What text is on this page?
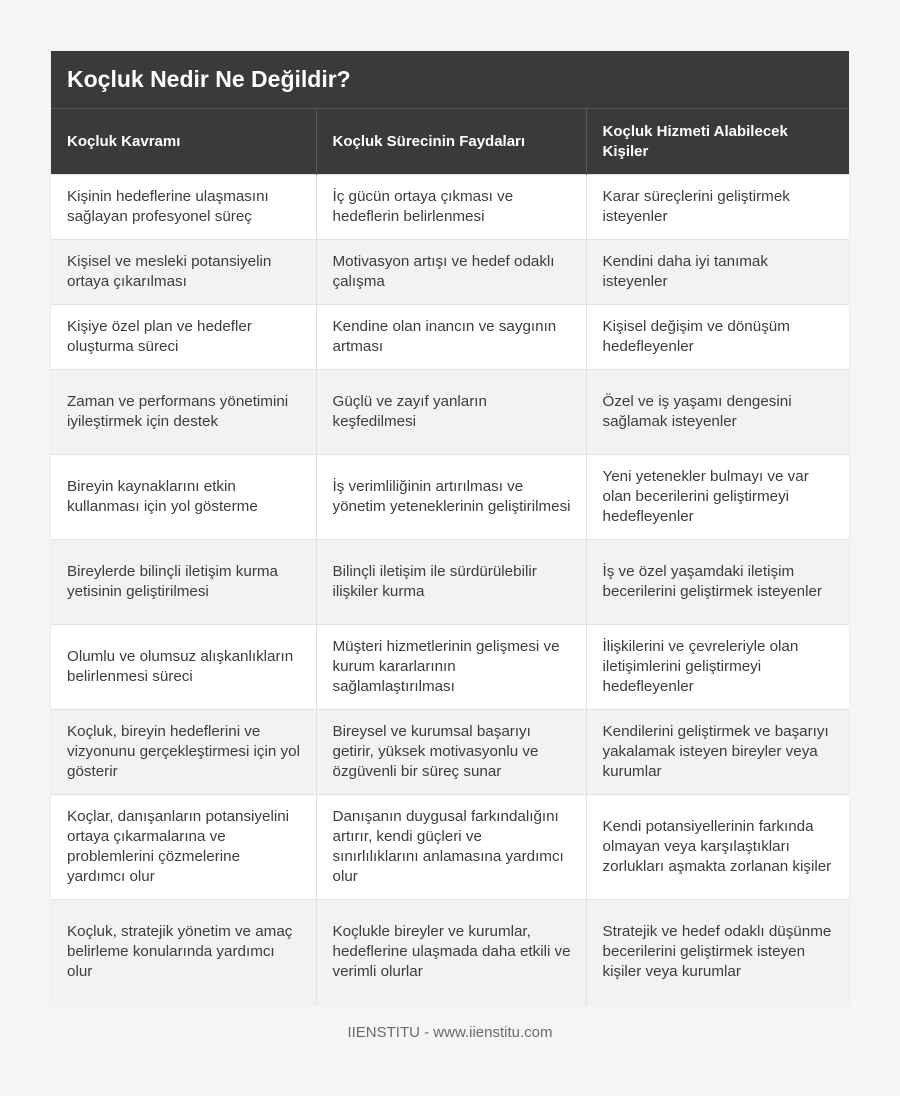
Koçluk Nedir Ne Değildir?
Koçluk Kavramı	Koçluk Sürecinin Faydaları	Koçluk Hizmeti Alabilecek Kişiler
Kişinin hedeflerine ulaşmasını sağlayan profesyonel süreç	İç gücün ortaya çıkması ve hedeflerin belirlenmesi	Karar süreçlerini geliştirmek isteyenler
Kişisel ve mesleki potansiyelin ortaya çıkarılması	Motivasyon artışı ve hedef odaklı çalışma	Kendini daha iyi tanımak isteyenler
Kişiye özel plan ve hedefler oluşturma süreci	Kendine olan inancın ve saygının artması	Kişisel değişim ve dönüşüm hedefleyenler
Zaman ve performans yönetimini iyileştirmek için destek	Güçlü ve zayıf yanların keşfedilmesi	Özel ve iş yaşamı dengesini sağlamak isteyenler
Bireyin kaynaklarını etkin kullanması için yol gösterme	İş verimliliğinin artırılması ve yönetim yeteneklerinin geliştirilmesi	Yeni yetenekler bulmayı ve var olan becerilerini geliştirmeyi hedefleyenler
Bireylerde bilinçli iletişim kurma yetisinin geliştirilmesi	Bilinçli iletişim ile sürdürülebilir ilişkiler kurma	İş ve özel yaşamdaki iletişim becerilerini geliştirmek isteyenler
Olumlu ve olumsuz alışkanlıkların belirlenmesi süreci	Müşteri hizmetlerinin gelişmesi ve kurum kararlarının sağlamlaştırılması	İlişkilerini ve çevreleriyle olan iletişimlerini geliştirmeyi hedefleyenler
Koçluk, bireyin hedeflerini ve vizyonunu gerçekleştirmesi için yol gösterir	Bireysel ve kurumsal başarıyı getirir, yüksek motivasyonlu ve özgüvenli bir süreç sunar	Kendilerini geliştirmek ve başarıyı yakalamak isteyen bireyler veya kurumlar
Koçlar, danışanların potansiyelini ortaya çıkarmalarına ve problemlerini çözmelerine yardımcı olur	Danışanın duygusal farkındalığını artırır, kendi güçleri ve sınırlılıklarını anlamasına yardımcı olur	Kendi potansiyellerinin farkında olmayan veya karşılaştıkları zorlukları aşmakta zorlanan kişiler
Koçluk, stratejik yönetim ve amaç belirleme konularında yardımcı olur	Koçlukle bireyler ve kurumlar, hedeflerine ulaşmada daha etkili ve verimli olurlar	Stratejik ve hedef odaklı düşünme becerilerini geliştirmek isteyen kişiler veya kurumlar
IIENSTITU - www.iienstitu.com
